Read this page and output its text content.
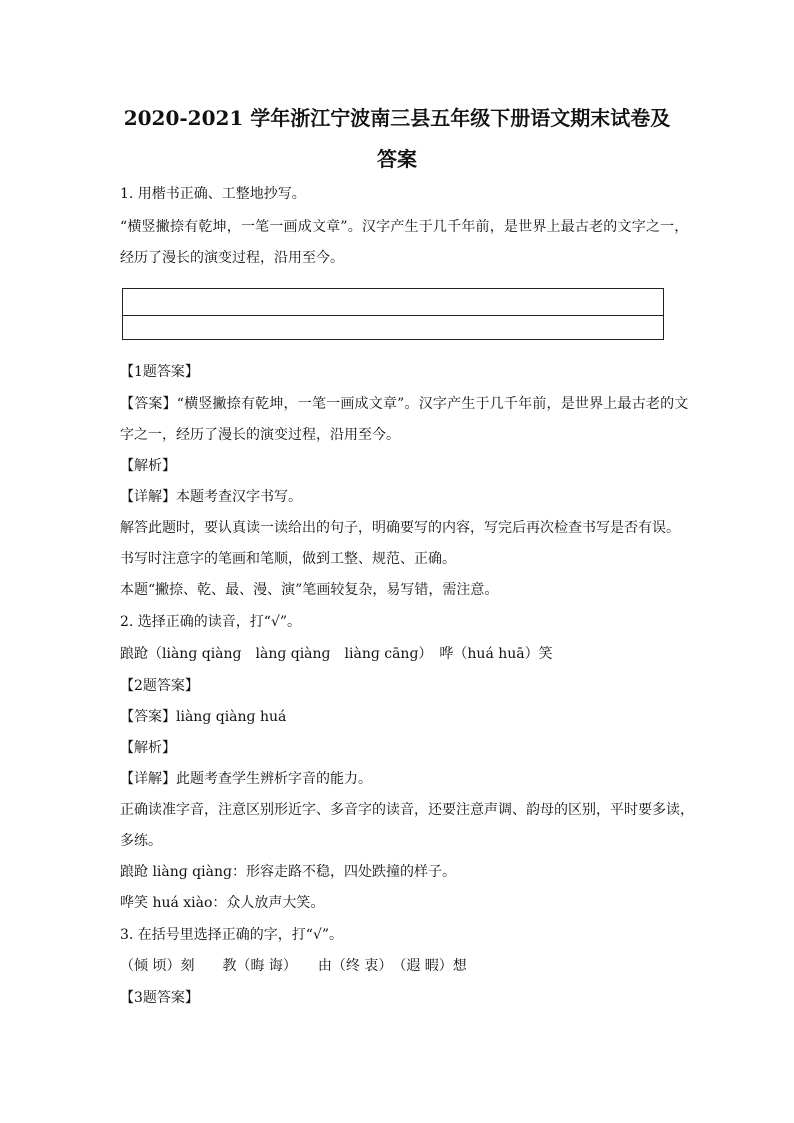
2020-2021 学年浙江宁波南三县五年级下册语文期末试卷及
答案
1. 用楷书正确、工整地抄写。
“横竖撇捺有乾坤，一笔一画成文章”。汉字产生于几千年前，是世界上最古老的文字之一，
经历了漫长的演变过程，沿用至今。
【1题答案】
【答案】“横竖撇捺有乾坤，一笔一画成文章”。汉字产生于几千年前，是世界上最古老的文
字之一，经历了漫长的演变过程，沿用至今。
【解析】
【详解】本题考查汉字书写。
解答此题时，要认真读一读给出的句子，明确要写的内容，写完后再次检查书写是否有误。
书写时注意字的笔画和笔顺，做到工整、规范、正确。
本题“撇捺、乾、最、漫、演”笔画较复杂，易写错，需注意。
2. 选择正确的读音，打“√”。
踉跄（liànɡ qiànɡ　lànɡ qiànɡ　liànɡ cānɡ）　哗（huá huā）笑
【2题答案】
【答案】liànɡ qiànɡ huá
【解析】
【详解】此题考查学生辨析字音的能力。
正确读准字音，注意区别形近字、多音字的读音，还要注意声调、韵母的区别，平时要多读，
多练。
踉跄 liànɡ qiànɡ：形容走路不稳，四处跌撞的样子。
哗笑 huá xiào：众人放声大笑。
3. 在括号里选择正确的字，打“√”。
（倾 顷）刻　　教（晦 诲）　　由（终 衷）　（遐 暇）想
【3题答案】
